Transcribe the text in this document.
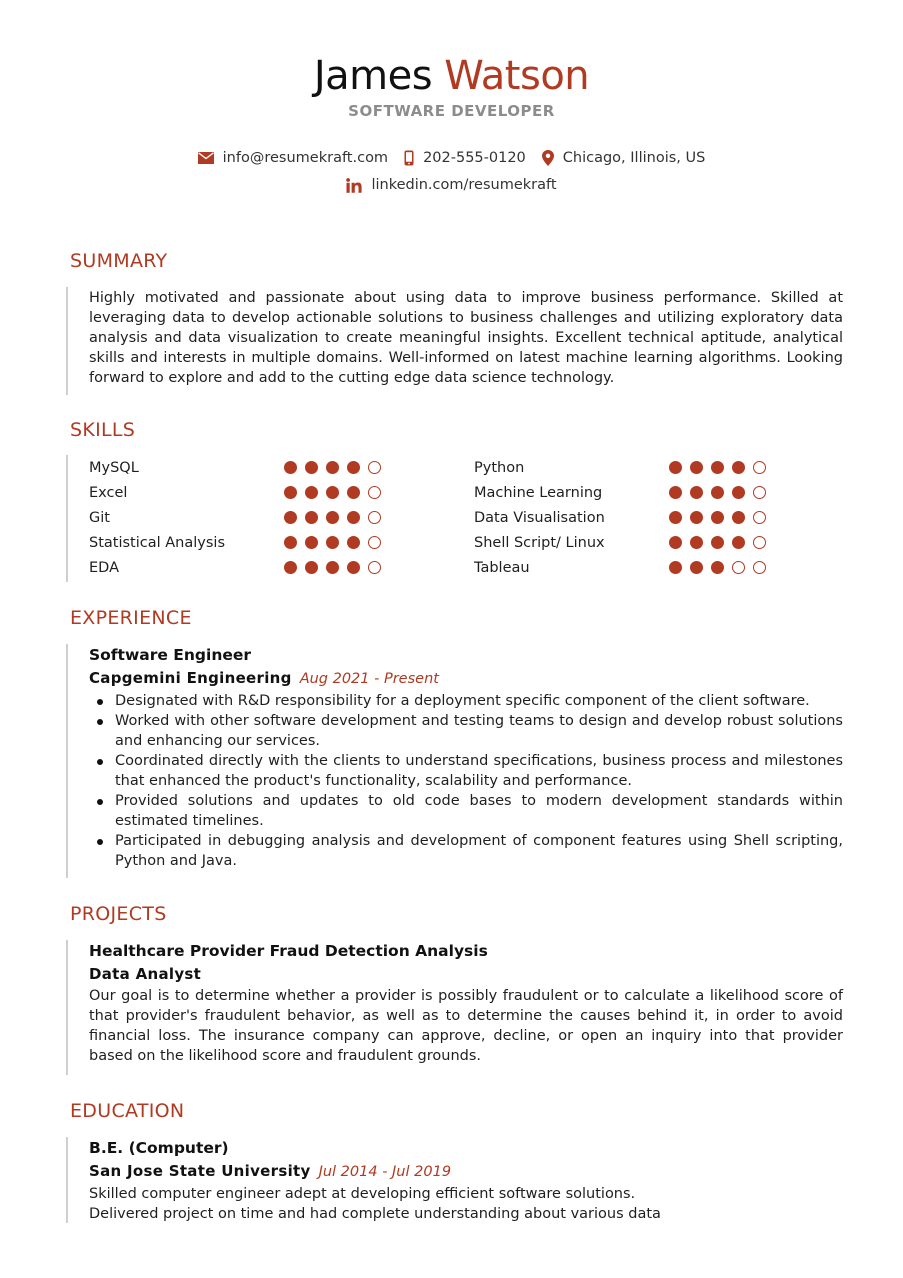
James Watson
SOFTWARE DEVELOPER
info@resumekraft.com 202-555-0120	Chicago, Illinois, US
linkedin.com/resumekraft
SUMMARY

Highly motivated and passionate about using data to improve business performance. Skilled at leveraging data to develop actionable solutions to business challenges and utilizing exploratory data analysis and data visualization to create meaningful insights. Excellent technical aptitude, analytical skills and interests in multiple domains. Well-informed on latest machine learning algorithms. Looking forward to explore and add to the cutting edge data science technology.

SKILLS
MySQL	Python
Excel	Machine Learning
Git	Data Visualisation
Statistical Analysis	Shell Script/ Linux
EDA	Tableau
EXPERIENCE
Software Engineer
Capgemini Engineering Aug 2021 - Present
Designated with R&D responsibility for a deployment specific component of the client software.
Worked with other software development and testing teams to design and develop robust solutions and enhancing our services.
Coordinated directly with the clients to understand specifications, business process and milestones that enhanced the product's functionality, scalability and performance.
Provided solutions and updates to old code bases to modern development standards within estimated timelines.
Participated in debugging analysis and development of component features using Shell scripting, Python and Java.
PROJECTS
Healthcare Provider Fraud Detection Analysis
Data Analyst

Our goal is to determine whether a provider is possibly fraudulent or to calculate a likelihood score of that provider's fraudulent behavior, as well as to determine the causes behind it, in order to avoid financial loss. The insurance company can approve, decline, or open an inquiry into that provider based on the likelihood score and fraudulent grounds.

EDUCATION
B.E. (Computer)
San Jose State University Jul 2014 - Jul 2019

Skilled computer engineer adept at developing efficient software solutions.

Delivered project on time and had complete understanding about various data
